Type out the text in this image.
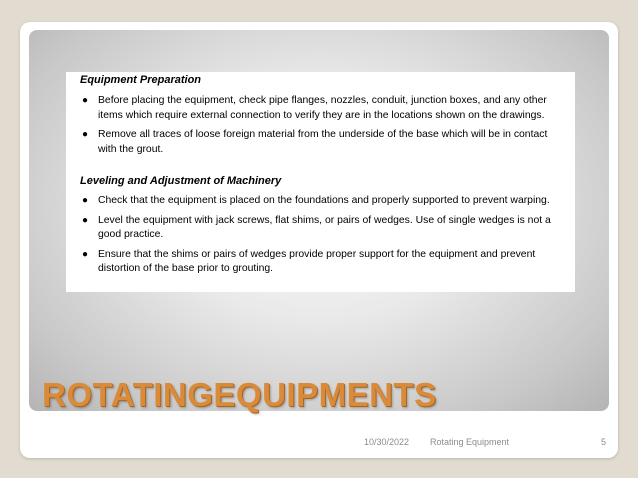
Equipment Preparation

● Before placing the equipment, check pipe flanges, nozzles, conduit, junction boxes, and any other items which require external connection to verify they are in the locations shown on the drawings.
● Remove all traces of loose foreign material from the underside of the base which will be in contact with the grout.

Leveling and Adjustment of Machinery

● Check that the equipment is placed on the foundations and properly supported to prevent warping.
● Level the equipment with jack screws, flat shims, or pairs of wedges. Use of single wedges is not a good practice.
● Ensure that the shims or pairs of wedges provide proper support for the equipment and prevent distortion of the base prior to grouting.
ROTATINGEQUIPMENTS
10/30/2022 Rotating Equipment	5
